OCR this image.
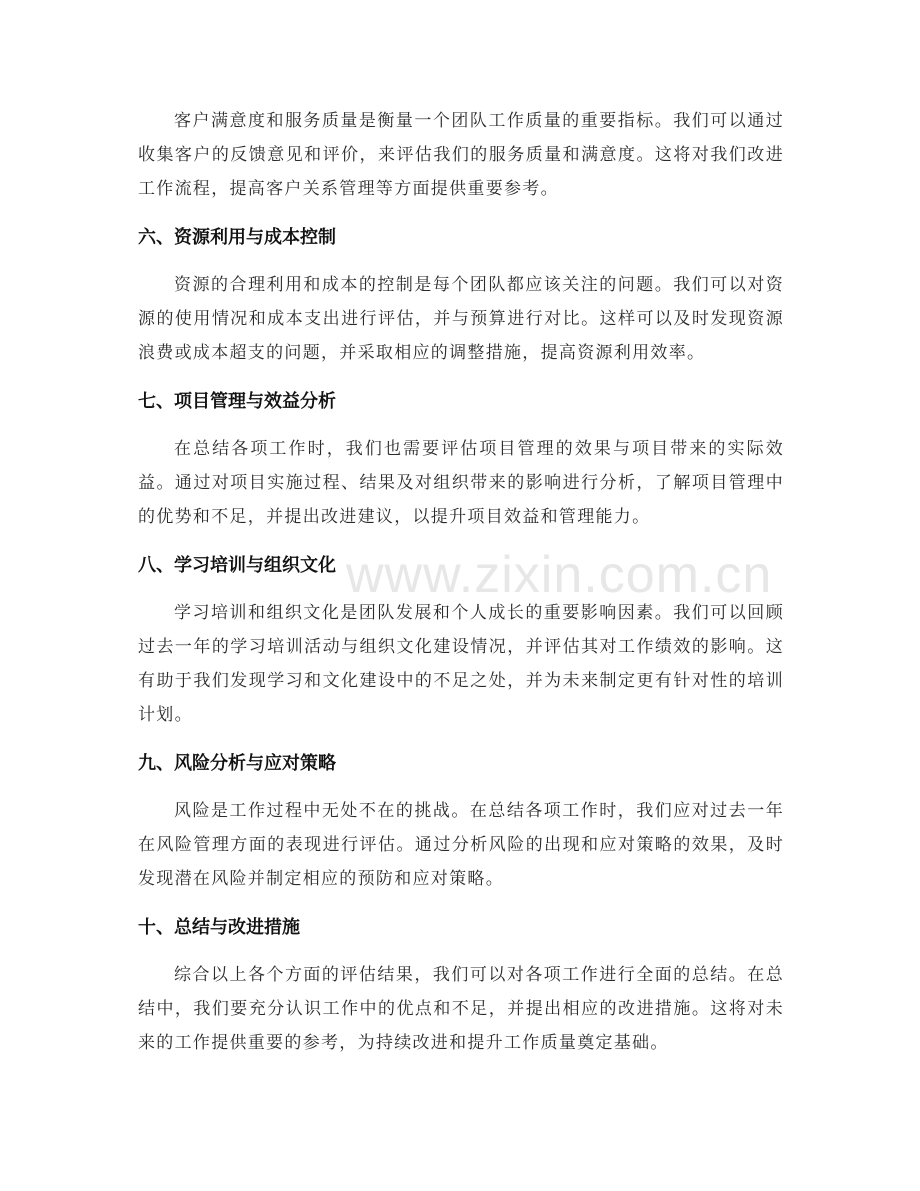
www.zixin.com.cn

客户满意度和服务质量是衡量一个团队工作质量的重要指标。我们可以通过收集客户的反馈意见和评价，来评估我们的服务质量和满意度。这将对我们改进工作流程，提高客户关系管理等方面提供重要参考。

六、资源利用与成本控制

资源的合理利用和成本的控制是每个团队都应该关注的问题。我们可以对资源的使用情况和成本支出进行评估，并与预算进行对比。这样可以及时发现资源浪费或成本超支的问题，并采取相应的调整措施，提高资源利用效率。

七、项目管理与效益分析

在总结各项工作时，我们也需要评估项目管理的效果与项目带来的实际效益。通过对项目实施过程、结果及对组织带来的影响进行分析，了解项目管理中的优势和不足，并提出改进建议，以提升项目效益和管理能力。

八、学习培训与组织文化

学习培训和组织文化是团队发展和个人成长的重要影响因素。我们可以回顾过去一年的学习培训活动与组织文化建设情况，并评估其对工作绩效的影响。这有助于我们发现学习和文化建设中的不足之处，并为未来制定更有针对性的培训计划。

九、风险分析与应对策略

风险是工作过程中无处不在的挑战。在总结各项工作时，我们应对过去一年在风险管理方面的表现进行评估。通过分析风险的出现和应对策略的效果，及时发现潜在风险并制定相应的预防和应对策略。

十、总结与改进措施

综合以上各个方面的评估结果，我们可以对各项工作进行全面的总结。在总结中，我们要充分认识工作中的优点和不足，并提出相应的改进措施。这将对未来的工作提供重要的参考，为持续改进和提升工作质量奠定基础。
